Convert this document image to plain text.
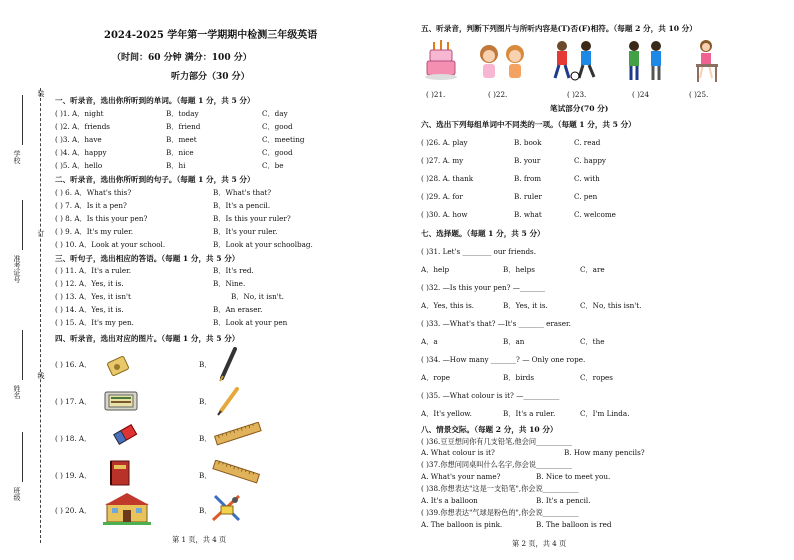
装
订
线
学校
准考证号
姓名
班级
2024-2025 学年第一学期期中检测三年级英语
（时间：60 分钟 满分：100 分）
听力部分（30 分）
一、听录音，选出你所听到的单词。（每题 1 分，共 5 分）
( )1. A．night	B．today	C．day
( )2. A．friends	B．friend	C．good
( )3. A．have	B．meet	C．meeting
( )4. A．happy	B．nice	C．good
( )5. A．hello	B．hi	C．be
二、听录音，选出你所听到的句子。（每题 1 分，共 5 分）
( ) 6. A．What's this?	B．What's that?
( ) 7. A．Is it a pen?	B．It's a pencil.
( ) 8. A．Is this your pen?	B．Is this your ruler?
( ) 9. A．It's my ruler.	B．It's your ruler.
( ) 10. A．Look at your school.	B．Look at your schoolbag.
三、听句子，选出相应的答语。（每题 1 分，共 5 分）
( ) 11. A．It's a ruler.	B．It's red.
( ) 12. A．Yes, it is.	B．Nine.
( ) 13. A．Yes, it isn't	B．No, it isn't.
( ) 14. A．Yes, it is.	B．An eraser.
( ) 15. A．It's my pen.	B．Look at your pen
四、听录音，选出对应的图片。（每题 1 分，共 5 分）
( ) 16. A．	B．
( ) 17. A．	B．
( ) 18. A．	B．
( ) 19. A．	B．
( ) 20. A．	B．
第 1 页，共 4 页
五、听录音，判断下列图片与所听内容是(T)否(F)相符。（每题 2 分，共 10 分）
( )21.	( )22.	( )23.	( )24	( )25.
笔试部分(70 分)
六、选出下列每组单词中不同类的一项。（每题 1 分，共 5 分）
( )26. A. play	B. book	C. read
( )27. A. my	B. your	C. happy
( )28. A. thank	B. from	C. with
( )29. A. for	B. ruler	C. pen
( )30. A. how	B. what	C. welcome
七、选择题。（每题 1 分，共 5 分）
( )31. Let's ________ our friends.
A．help	B．helps	C．are
( )32. —Is this your pen? —_______
A．Yes, this is.	B．Yes, it is.	C．No, this isn't.
( )33. —What's that? —It's _______ eraser.
A．a	B．an	C．the
( )34. —How many _______? — Only one rope.
A．rope	B．birds	C．ropes
( )35. —What colour is it? —__________
A．It's yellow.	B．It's a ruler.	C．I'm Linda.
八、情景交际。（每题 2 分，共 10 分）
( )36.豆豆想问你有几支铅笔,他会问__________
A. What colour is it?	B. How many pencils?
( )37.你想问同桌叫什么名字,你会说__________
A. What's your name?	B. Nice to meet you.
( )38.你想表达"这是一支铅笔",你会说__________
A. It's a balloon	B. It's a pencil.
( )39.你想表达"气球是粉色的",你会说__________
A. The balloon is pink.	B. The balloon is red
第 2 页，共 4 页
